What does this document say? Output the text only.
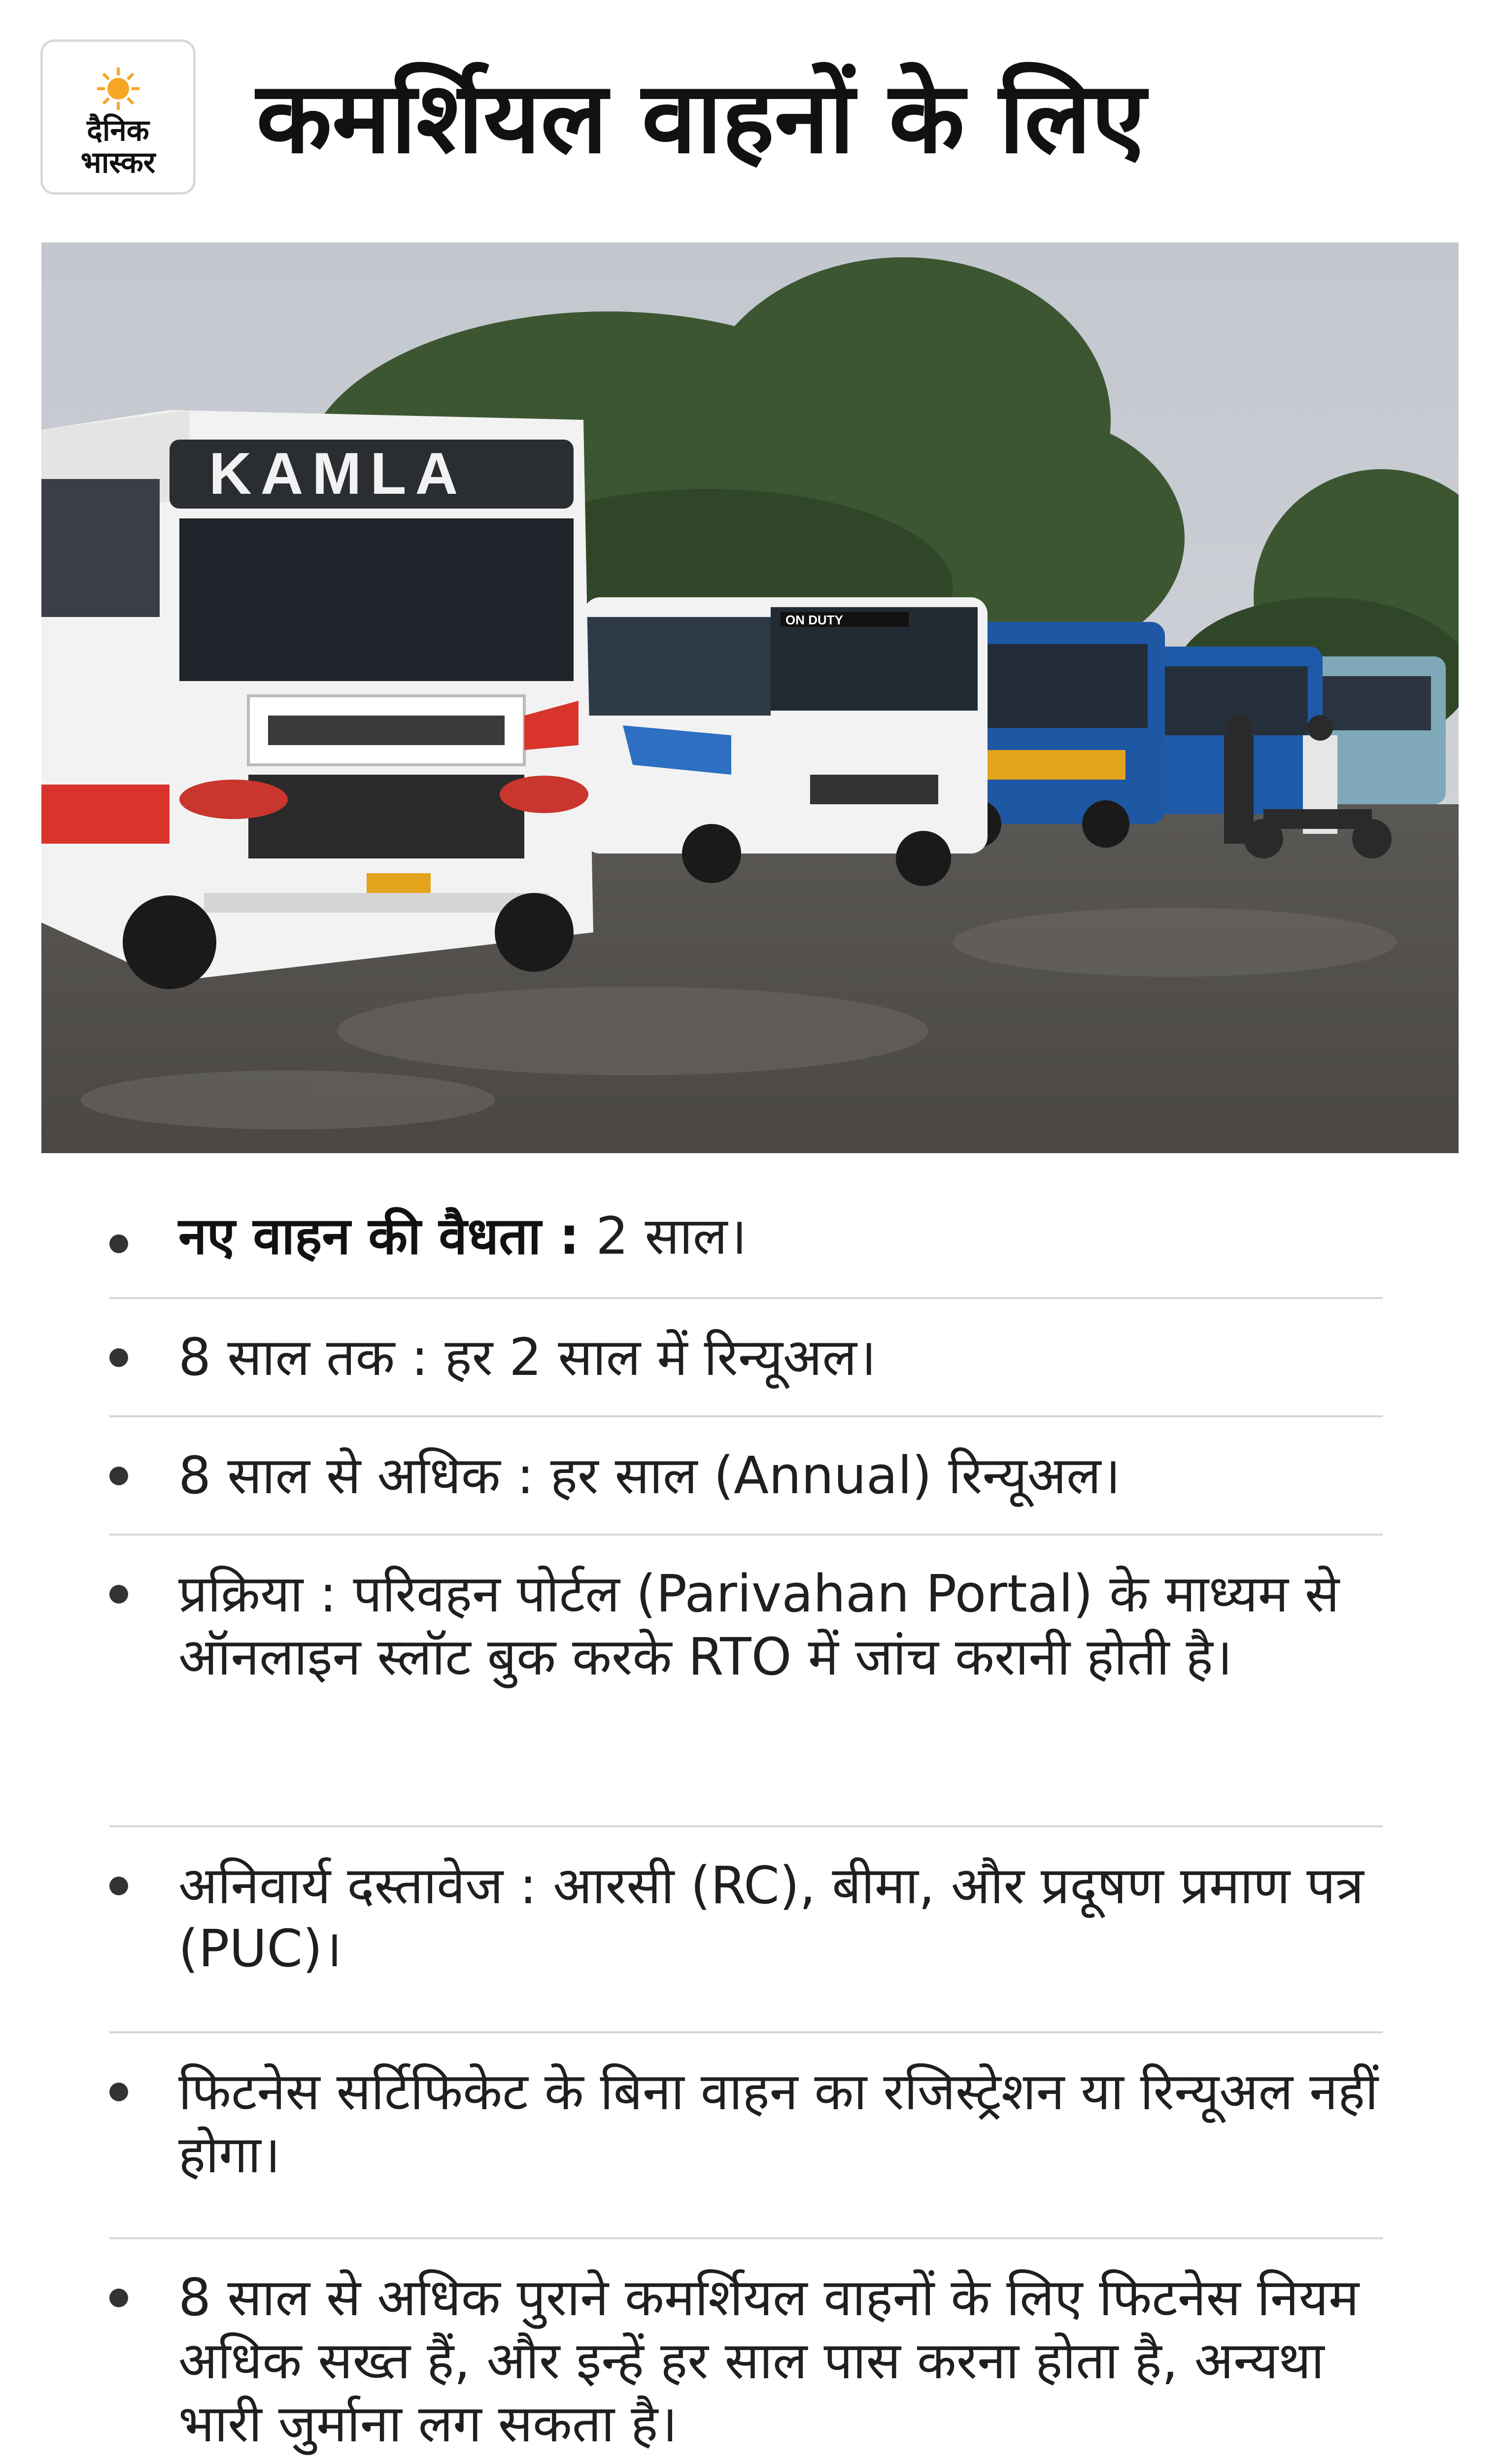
दैनिक
भास्कर	कमर्शियल वाहनों के लिए
ON DUTY
KAMLA
नए वाहन की वैधता : 2 साल।
8 साल तक : हर 2 साल में रिन्यूअल।
8 साल से अधिक : हर साल (Annual) रिन्यूअल।
प्रक्रिया : परिवहन पोर्टल (Parivahan Portal) के माध्यम से ऑनलाइन स्लॉट बुक करके RTO में जांच करानी होती है।
अनिवार्य दस्तावेज : आरसी (RC), बीमा, और प्रदूषण प्रमाण पत्र (PUC)।
फिटनेस सर्टिफिकेट के बिना वाहन का रजिस्ट्रेशन या रिन्यूअल नहीं होगा।
8 साल से अधिक पुराने कमर्शियल वाहनों के लिए फिटनेस नियम अधिक सख्त हैं, और इन्हें हर साल पास करना होता है, अन्यथा भारी जुर्माना लग सकता है।
